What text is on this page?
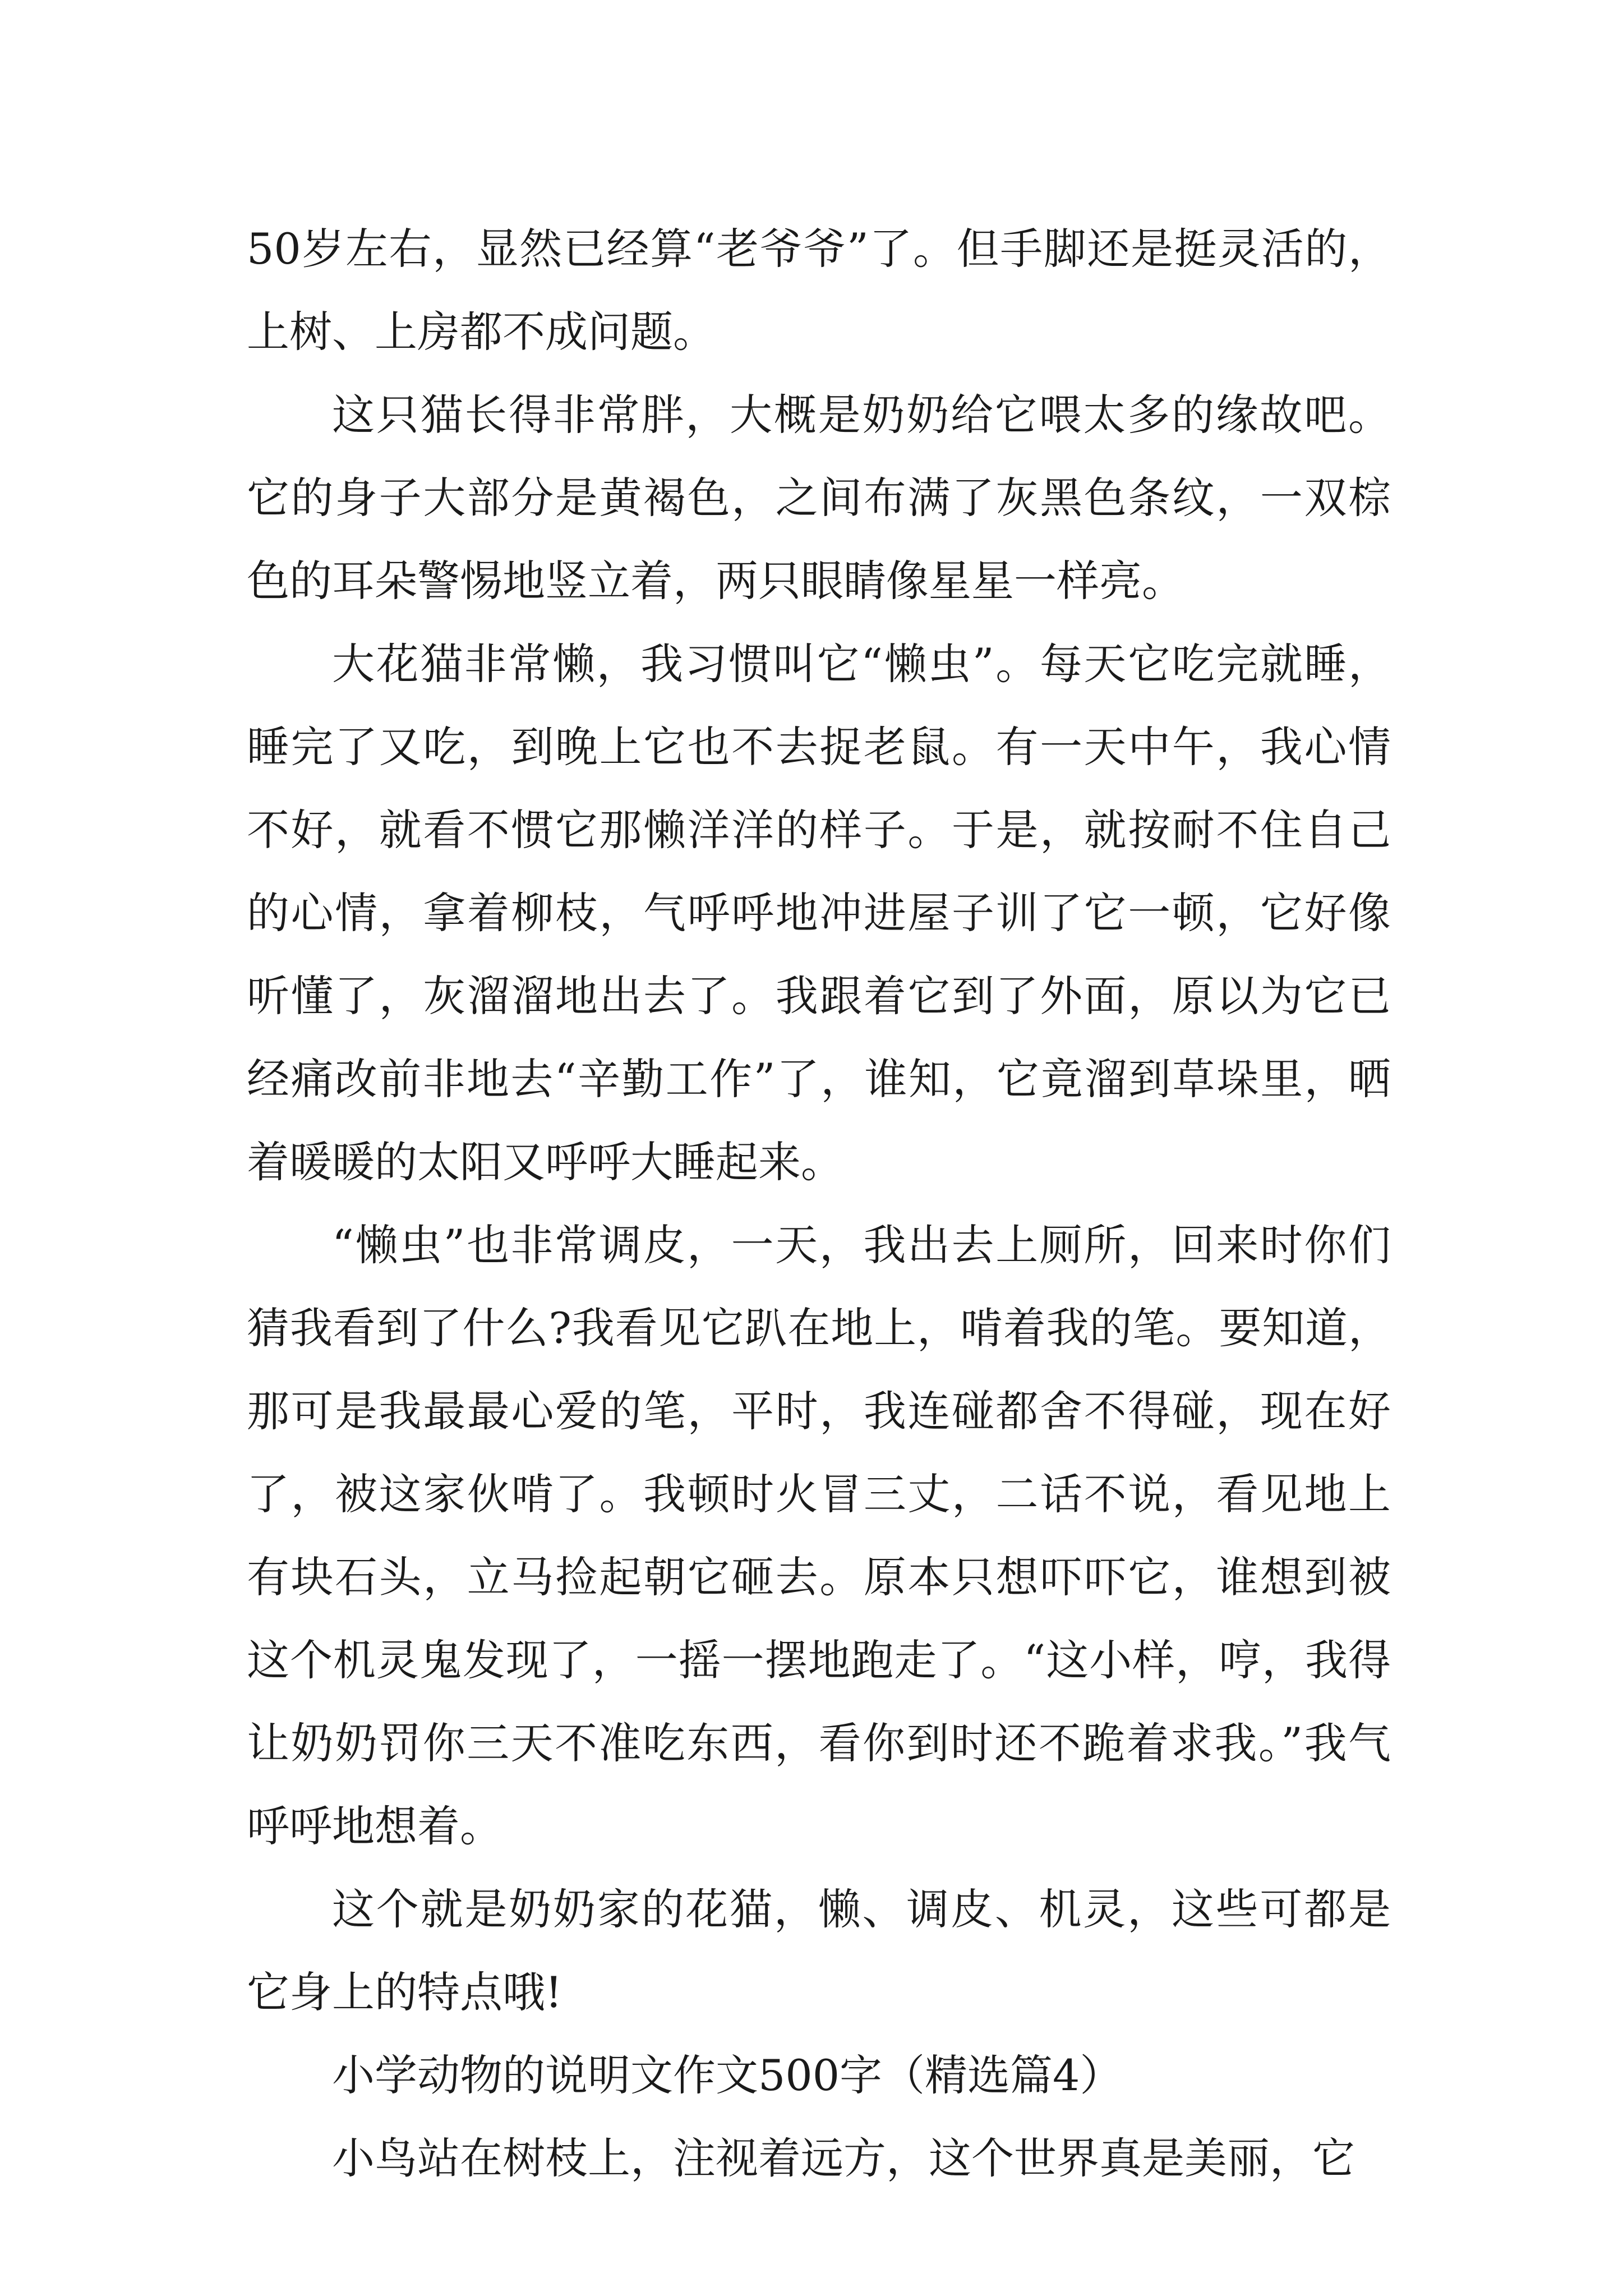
50岁左右，显然已经算“老爷爷”了。但手脚还是挺灵活的，上树、上房都不成问题。

这只猫长得非常胖，大概是奶奶给它喂太多的缘故吧。它的身子大部分是黄褐色，之间布满了灰黑色条纹，一双棕色的耳朵警惕地竖立着，两只眼睛像星星一样亮。

大花猫非常懒，我习惯叫它“懒虫”。每天它吃完就睡，睡完了又吃，到晚上它也不去捉老鼠。有一天中午，我心情不好，就看不惯它那懒洋洋的样子。于是，就按耐不住自己的心情，拿着柳枝，气呼呼地冲进屋子训了它一顿，它好像听懂了，灰溜溜地出去了。我跟着它到了外面，原以为它已经痛改前非地去“辛勤工作”了，谁知，它竟溜到草垛里，晒着暖暖的太阳又呼呼大睡起来。

“懒虫”也非常调皮，一天，我出去上厕所，回来时你们猜我看到了什么?我看见它趴在地上，啃着我的笔。要知道，那可是我最最心爱的笔，平时，我连碰都舍不得碰，现在好了，被这家伙啃了。我顿时火冒三丈，二话不说，看见地上有块石头，立马捡起朝它砸去。原本只想吓吓它，谁想到被这个机灵鬼发现了，一摇一摆地跑走了。“这小样，哼，我得让奶奶罚你三天不准吃东西，看你到时还不跪着求我。”我气呼呼地想着。

这个就是奶奶家的花猫，懒、调皮、机灵，这些可都是它身上的特点哦!

小学动物的说明文作文500字（精选篇4）

小鸟站在树枝上，注视着远方，这个世界真是美丽，它
